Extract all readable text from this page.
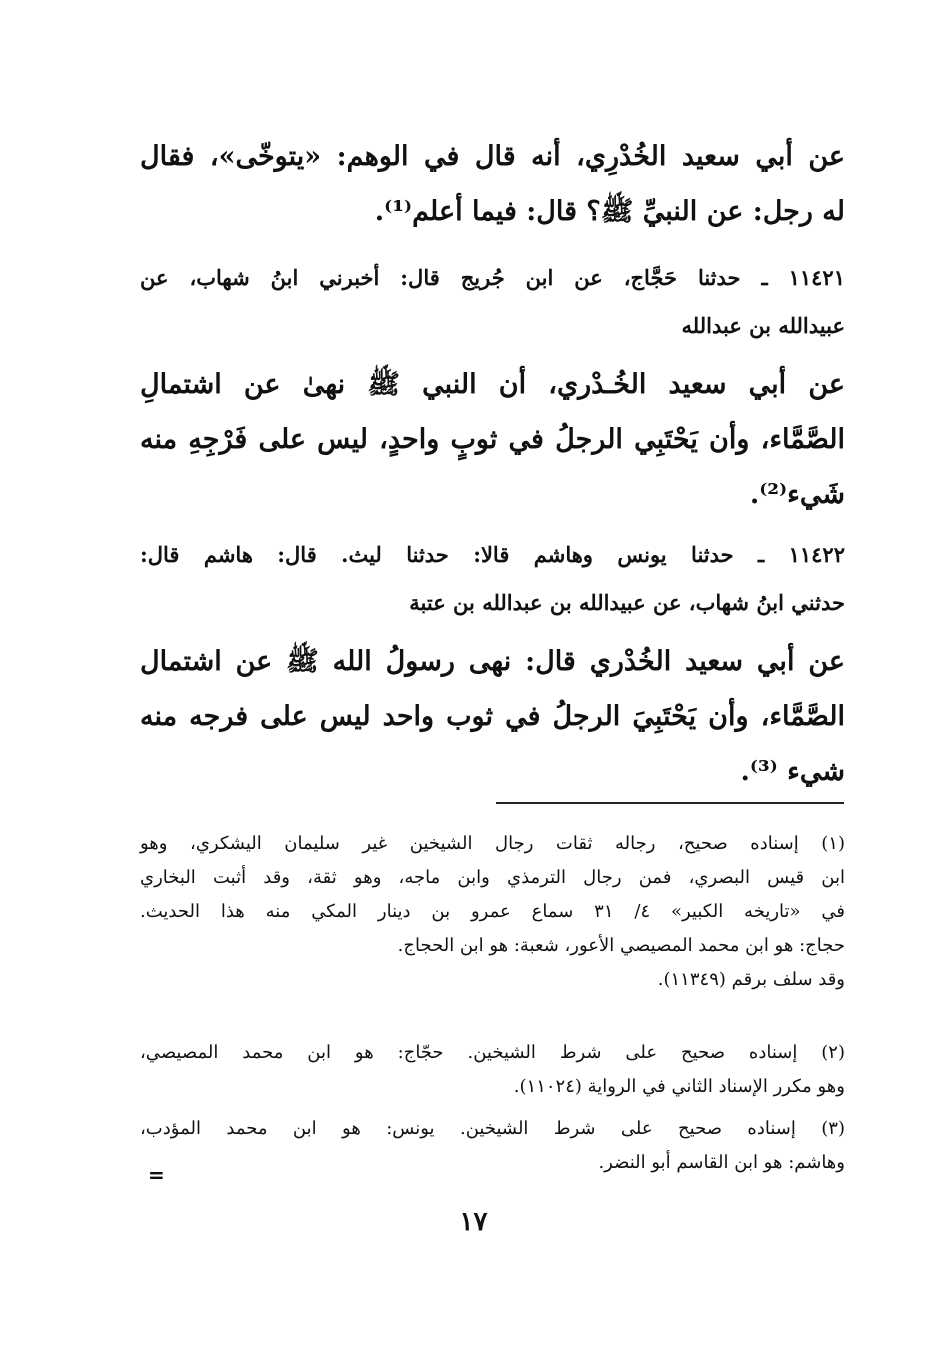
عن أبي سعيد الخُدْرِي، أنه قال في الوهم: «يتوخّى»، فقال
له رجل: عن النبيِّ ﷺ؟ قال: فيما أعلم⁽¹⁾.
١١٤٢١ ـ حدثنا حَجَّاج، عن ابن جُريج قال: أخبرني ابنُ شهاب، عن
عبيدالله بن عبدالله
عن أبي سعيد الخُـدْري، أن النبي ﷺ نهىٰ عن اشتمالِ
الصَّمَّاء، وأن يَحْتَبِي الرجلُ في ثوبٍ واحدٍ، ليس على فَرْجِهِ منه
شَيء⁽²⁾.
١١٤٢٢ ـ حدثنا يونس وهاشم قالا: حدثنا ليث. قال: هاشم قال:
حدثني ابنُ شهاب، عن عبيدالله بن عبدالله بن عتبة
عن أبي سعيد الخُدْري قال: نهى رسولُ الله ﷺ عن اشتمال
الصَّمَّاء، وأن يَحْتَبِيَ الرجلُ في ثوب واحد ليس على فرجه منه
شيء ⁽³⁾.
(١) إسناده صحيح، رجاله ثقات رجال الشيخين غير سليمان اليشكري، وهو
ابن قيس البصري، فمن رجال الترمذي وابن ماجه، وهو ثقة، وقد أثبت البخاري
في «تاريخه الكبير» ٤/ ٣١ سماع عمرو بن دينار المكي منه هذا الحديث.
حجاج: هو ابن محمد المصيصي الأعور، شعبة: هو ابن الحجاج.
وقد سلف برقم (١١٣٤٩).
(٢) إسناده صحيح على شرط الشيخين. حجّاج: هو ابن محمد المصيصي،
وهو مكرر الإسناد الثاني في الرواية (١١٠٢٤).
(٣) إسناده صحيح على شرط الشيخين. يونس: هو ابن محمد المؤدب،
وهاشم: هو ابن القاسم أبو النضر.
=
١٧
